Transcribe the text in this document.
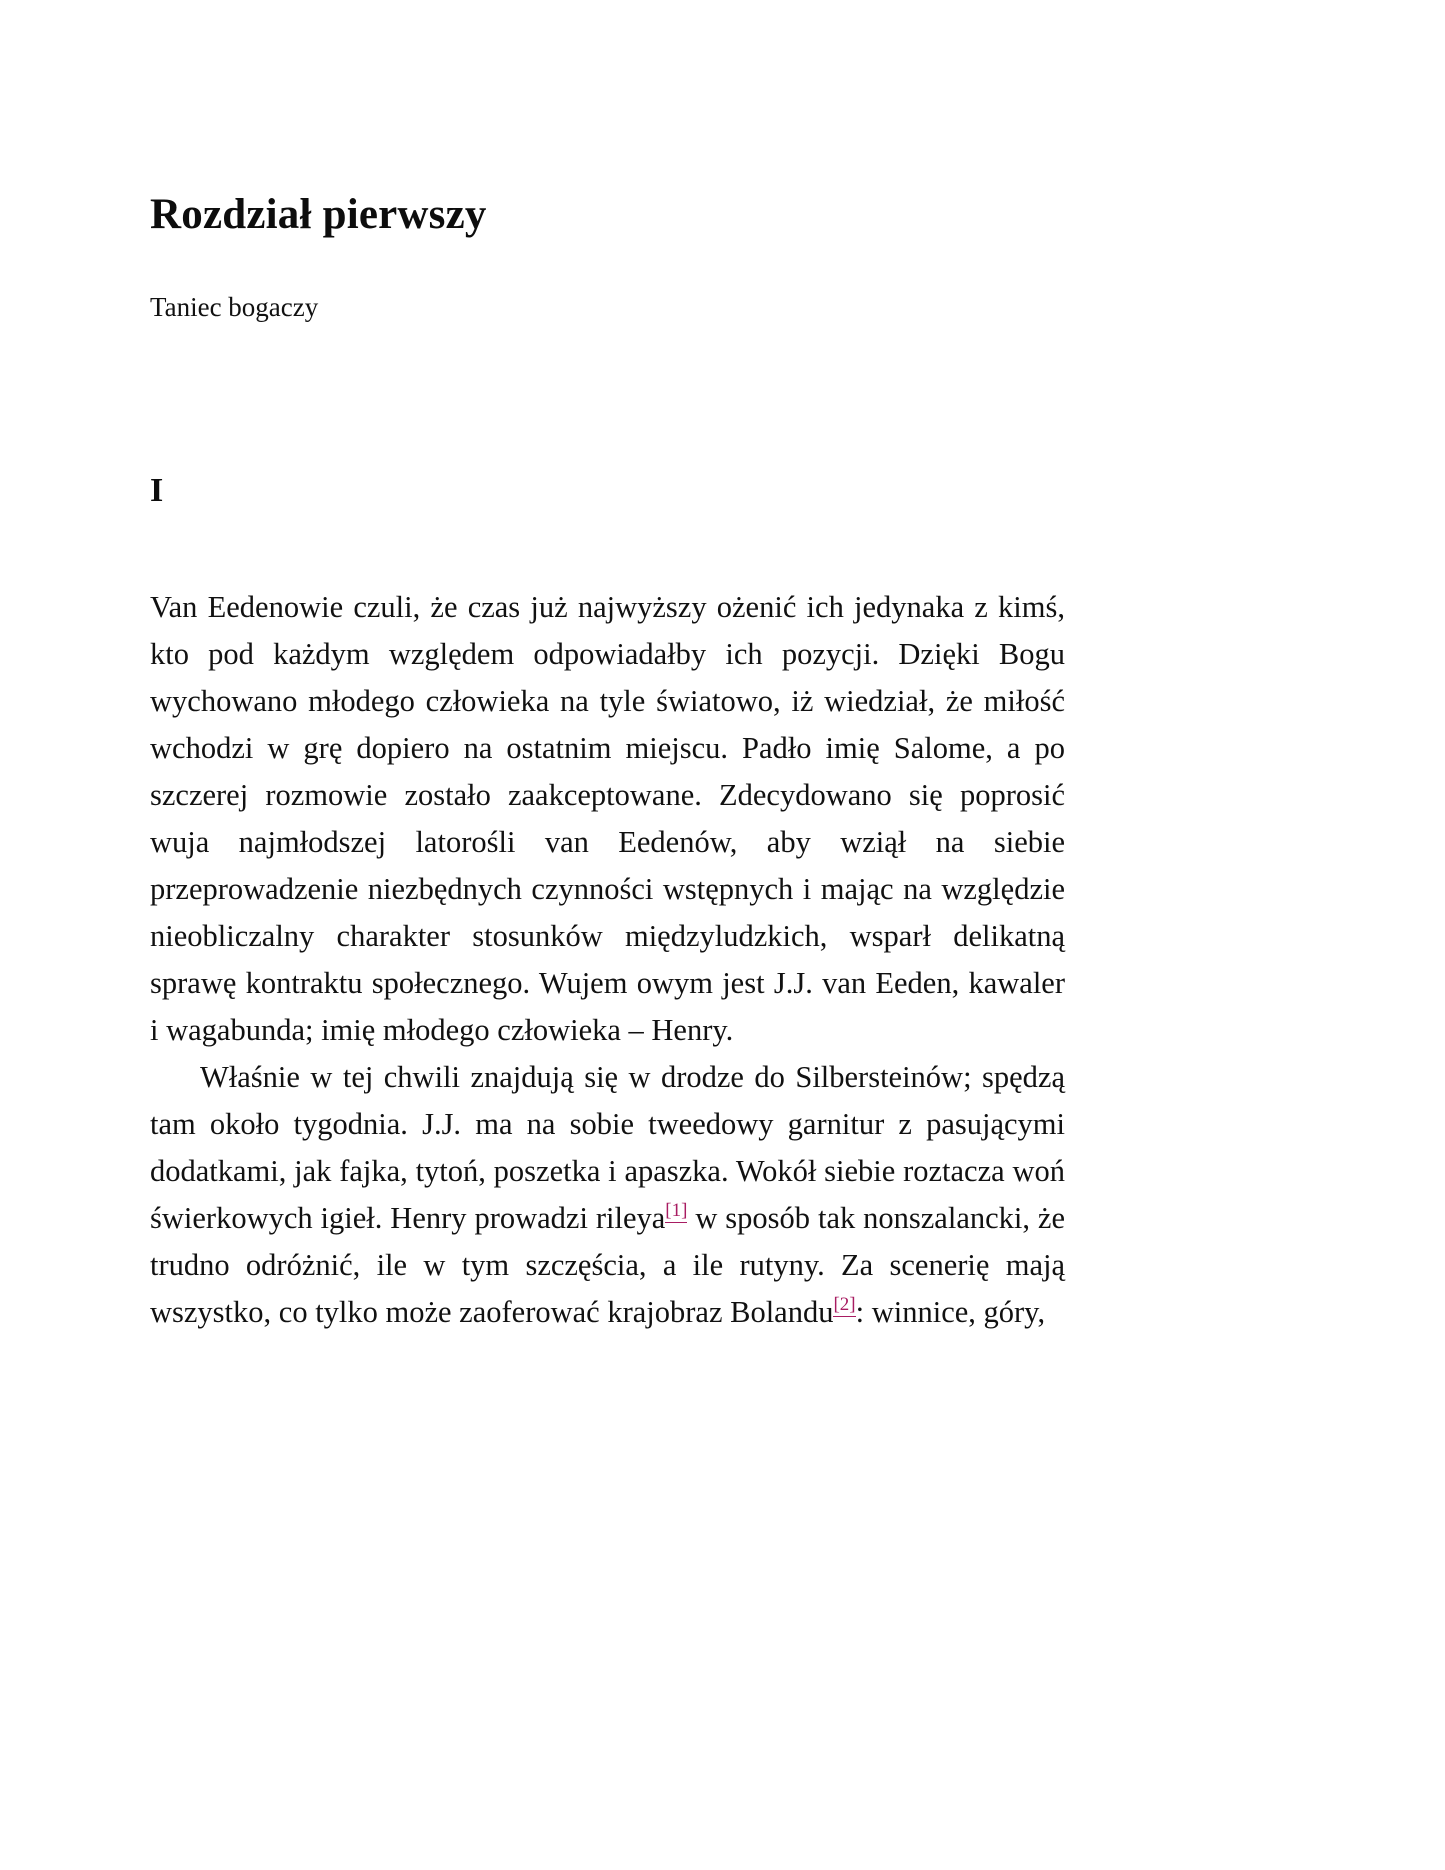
Rozdział pierwszy

Taniec bogaczy

I

Van Eedenowie czuli, że czas już najwyższy ożenić ich jedynaka z kimś, kto pod każdym względem odpowiadałby ich pozycji. Dzięki Bogu wychowano młodego człowieka na tyle światowo, iż wiedział, że miłość wchodzi w grę dopiero na ostatnim miejscu. Padło imię Salome, a po szczerej rozmowie zostało zaakceptowane. Zdecydowano się poprosić wuja najmłodszej latorośli van Eedenów, aby wziął na siebie przeprowadzenie niezbędnych czynności wstępnych i mając na względzie nieobliczalny charakter stosunków międzyludzkich, wsparł delikatną sprawę kontraktu społecznego. Wujem owym jest J.J. van Eeden, kawaler i wagabunda; imię młodego człowieka – Henry.

Właśnie w tej chwili znajdują się w drodze do Silbersteinów; spędzą tam około tygodnia. J.J. ma na sobie tweedowy garnitur z pasującymi dodatkami, jak fajka, tytoń, poszetka i apaszka. Wokół siebie roztacza woń świerkowych igieł. Henry prowadzi rileya[1] w sposób tak nonszalancki, że trudno odróżnić, ile w tym szczęścia, a ile rutyny. Za scenerię mają wszystko, co tylko może zaoferować krajobraz Bolandu[2]: winnice, góry,
